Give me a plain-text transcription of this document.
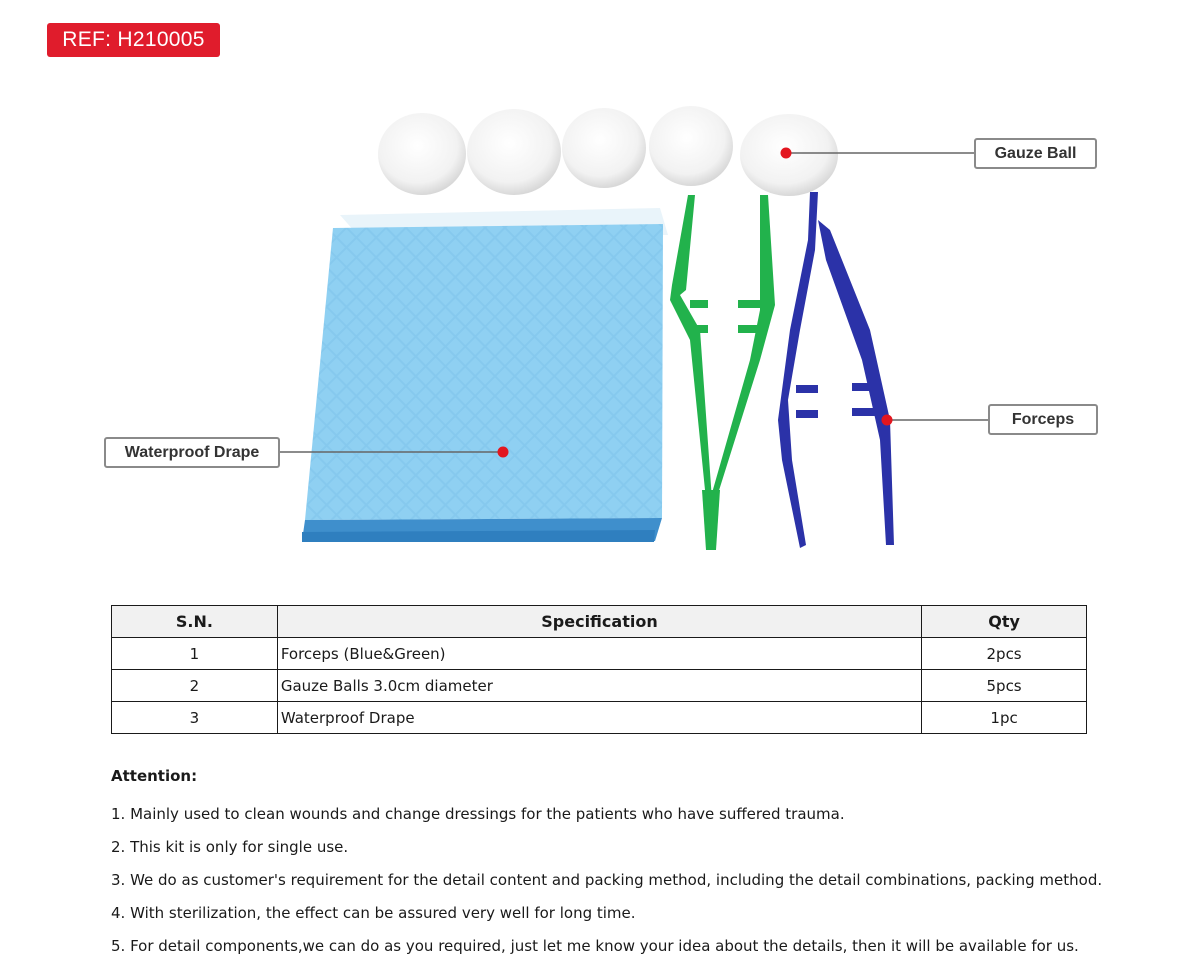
REF: H210005
Gauze Ball
Forceps
Waterproof Drape
S.N.	Specification	Qty
1	Forceps (Blue&Green)	2pcs
2	Gauze Balls 3.0cm diameter	5pcs
3	Waterproof Drape	1pc
Attention:
1. Mainly used to clean wounds and change dressings for the patients who have suffered trauma.
2. This kit is only for single use.
3. We do as customer's requirement for the detail content and packing method, including the detail combinations, packing method.
4. With sterilization, the effect can be assured very well for long time.
5. For detail components,we can do as you required, just let me know your idea about the details, then it will be available for us.
